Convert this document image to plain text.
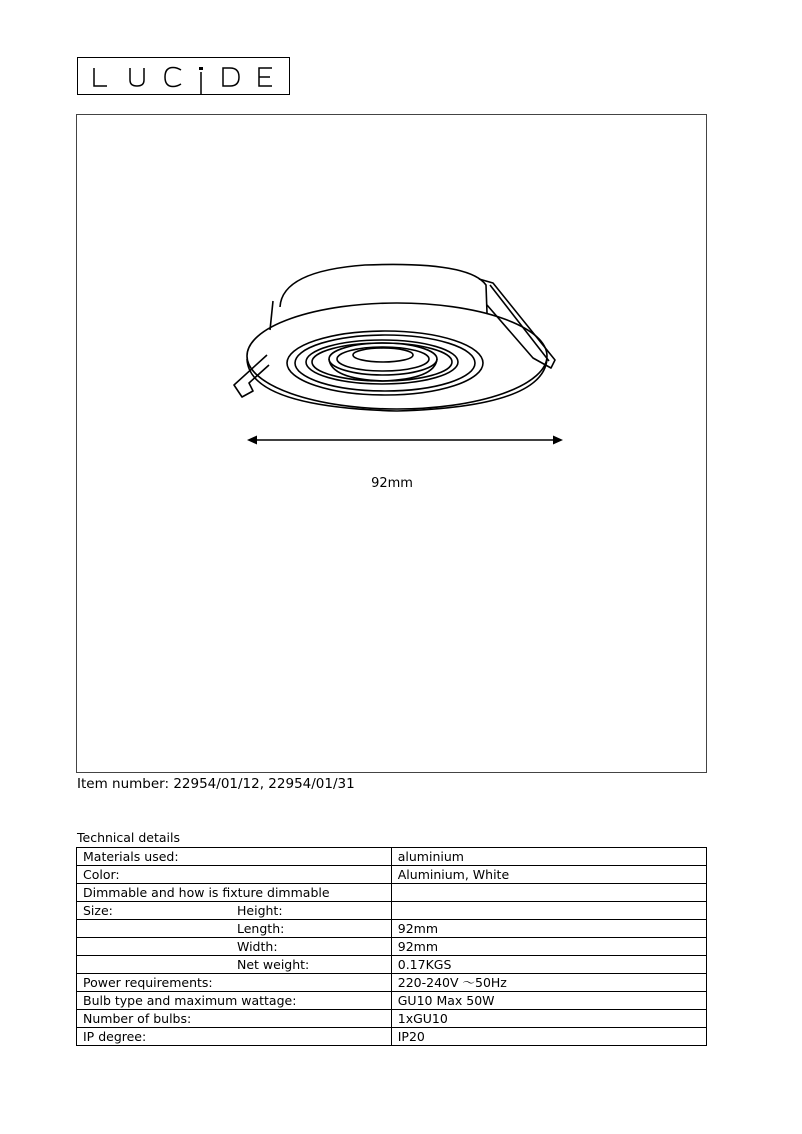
92mm
Item number: 22954/01/12, 22954/01/31
Technical details
Materials used:	aluminium
Color:	Aluminium, White
Dimmable and how is fixture dimmable

Size: Height:	

Length:	92mm

Width:	92mm

Net weight:	0.17KGS
Power requirements:	220-240V ～50Hz
Bulb type and maximum wattage:	GU10 Max 50W
Number of bulbs:	1xGU10
IP degree:	IP20
